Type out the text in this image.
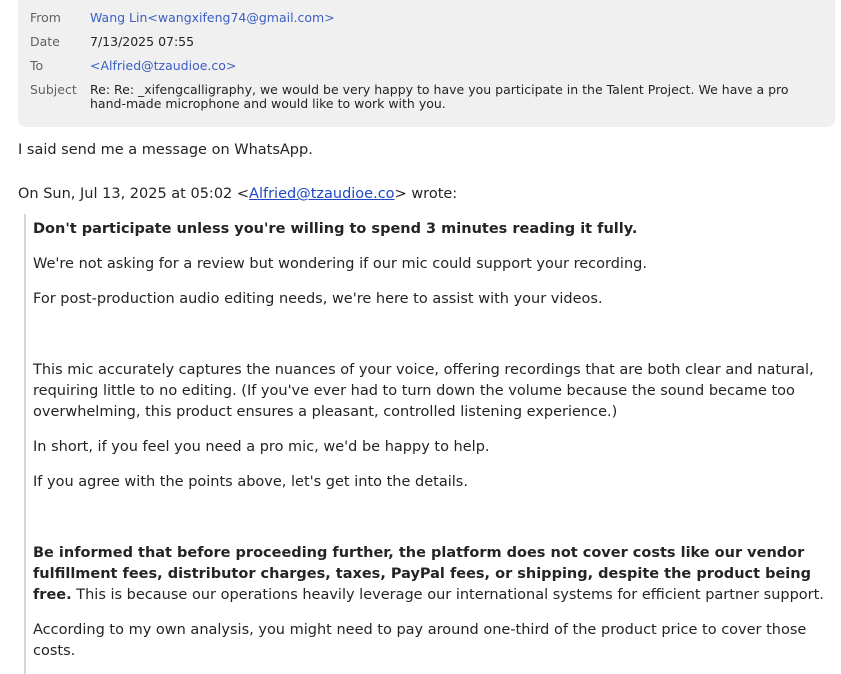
From	Wang Lin<wangxifeng74@gmail.com>
Date	7/13/2025 07:55
To	<Alfried@tzaudioe.co>
Subject	Re: Re: _xifengcalligraphy, we would be very happy to have you participate in the Talent Project. We have a pro hand-made microphone and would like to work with you.
I said send me a message on WhatsApp.
On Sun, Jul 13, 2025 at 05:02 <Alfried@tzaudioe.co> wrote:
Don't participate unless you're willing to spend 3 minutes reading it fully.
We're not asking for a review but wondering if our mic could support your recording.
For post-production audio editing needs, we're here to assist with your videos.
This mic accurately captures the nuances of your voice, offering recordings that are both clear and natural, requiring little to no editing. (If you've ever had to turn down the volume because the sound became too overwhelming, this product ensures a pleasant, controlled listening experience.)
In short, if you feel you need a pro mic, we'd be happy to help.
If you agree with the points above, let's get into the details.
Be informed that before proceeding further, the platform does not cover costs like our vendor fulfillment fees, distributor charges, taxes, PayPal fees, or shipping, despite the product being free. This is because our operations heavily leverage our international systems for efficient partner support.
According to my own analysis, you might need to pay around one-third of the product price to cover those costs.
